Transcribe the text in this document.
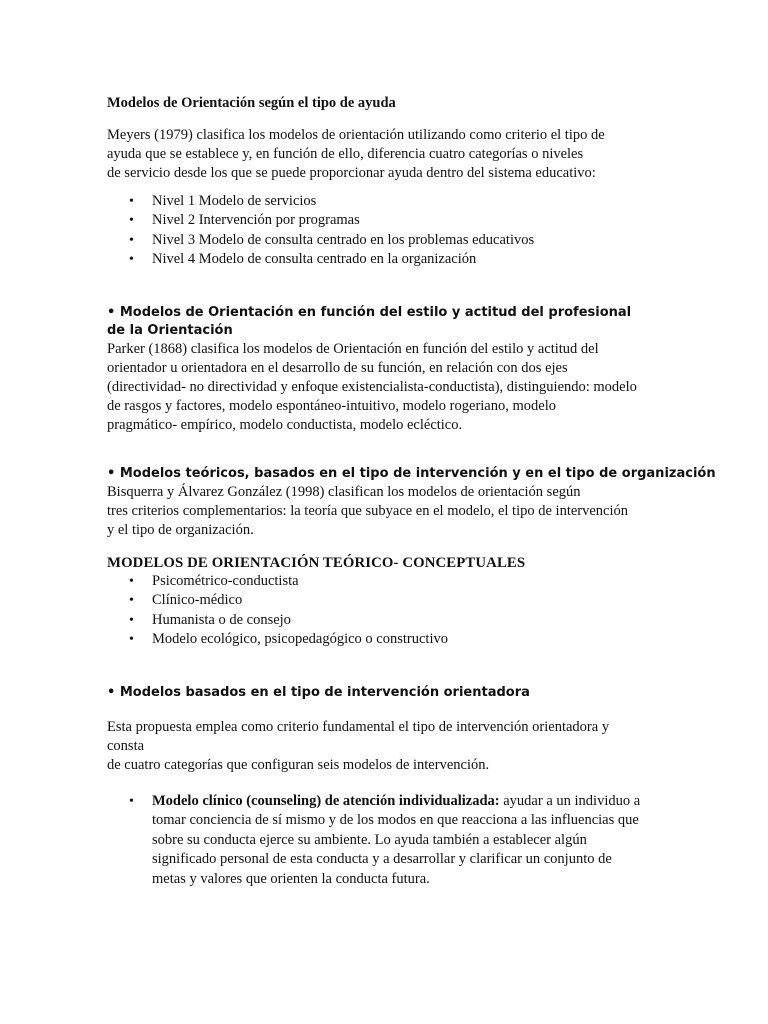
Modelos de Orientación según el tipo de ayuda
Meyers (1979) clasifica los modelos de orientación utilizando como criterio el tipo de
ayuda que se establece y, en función de ello, diferencia cuatro categorías o niveles
de servicio desde los que se puede proporcionar ayuda dentro del sistema educativo:
• Nivel 1 Modelo de servicios
• Nivel 2 Intervención por programas
• Nivel 3 Modelo de consulta centrado en los problemas educativos
• Nivel 4 Modelo de consulta centrado en la organización
• Modelos de Orientación en función del estilo y actitud del profesional
de la Orientación
Parker (1868) clasifica los modelos de Orientación en función del estilo y actitud del
orientador u orientadora en el desarrollo de su función, en relación con dos ejes
(directividad- no directividad y enfoque existencialista-conductista), distinguiendo: modelo
de rasgos y factores, modelo espontáneo-intuitivo, modelo rogeriano, modelo
pragmático- empírico, modelo conductista, modelo ecléctico.
• Modelos teóricos, basados en el tipo de intervención y en el tipo de organización
Bisquerra y Álvarez González (1998) clasifican los modelos de orientación según
tres criterios complementarios: la teoría que subyace en el modelo, el tipo de intervención
y el tipo de organización.
MODELOS DE ORIENTACIÓN TEÓRICO- CONCEPTUALES
• Psicométrico-conductista
• Clínico-médico
• Humanista o de consejo
• Modelo ecológico, psicopedagógico o constructivo
• Modelos basados en el tipo de intervención orientadora
Esta propuesta emplea como criterio fundamental el tipo de intervención orientadora y
consta
de cuatro categorías que configuran seis modelos de intervención.
• Modelo clínico (counseling) de atención individualizada: ayudar a un individuo a
tomar conciencia de sí mismo y de los modos en que reacciona a las influencias que
sobre su conducta ejerce su ambiente. Lo ayuda también a establecer algún
significado personal de esta conducta y a desarrollar y clarificar un conjunto de
metas y valores que orienten la conducta futura.
